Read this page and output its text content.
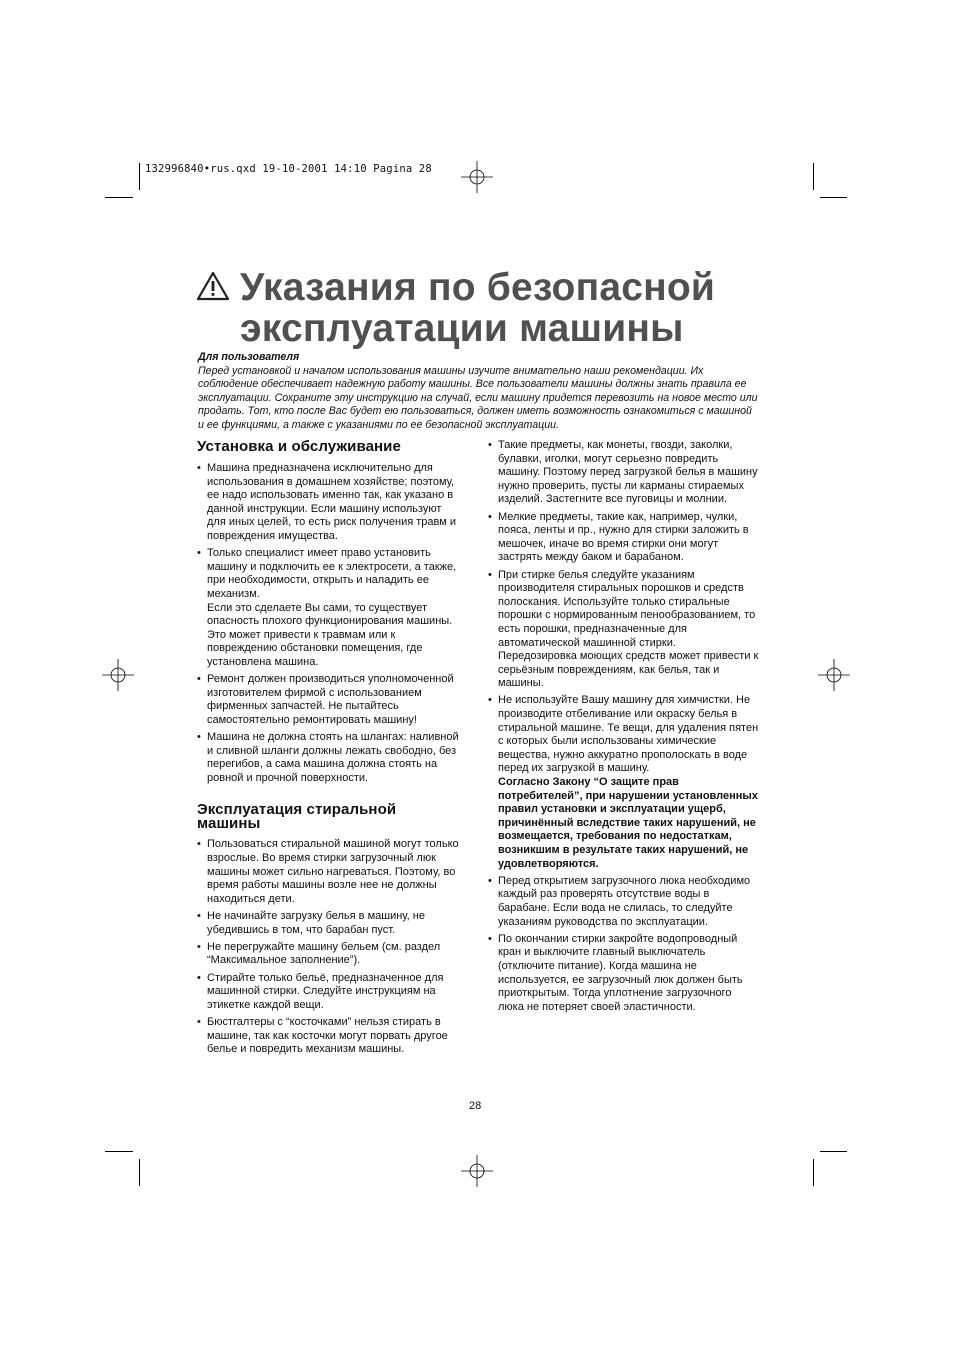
132996840•rus.qxd 19-10-2001 14:10 Pagina 28
Указания по безопасной
эксплуатации машины
Для пользователя
Перед установкой и началом использования машины изучите внимательно наши рекомендации. Их соблюдение обеспечивает надежную работу машины. Все пользователи машины должны знать правила ее эксплуатации. Сохраните эту инструкцию на случай, если машину придется перевозить на новое место или продать. Тот, кто после Вас будет ею пользоваться, должен иметь возможность ознакомиться с машиной и ее функциями, а также с указаниями по ее безопасной эксплуатации.
Установка и обслуживание
• Машина предназначена исключительно для использования в домашнем хозяйстве; поэтому, ее надо использовать именно так, как указано в данной инструкции. Если машину используют для иных целей, то есть риск получения травм и повреждения имущества.
• Только специалист имеет право установить машину и подключить ее к электросети, а также, при необходимости, открыть и наладить ее механизм.
Если это сделаете Вы сами, то существует опасность плохого функционирования машины. Это может привести к травмам или к повреждению обстановки помещения, где установлена машина.
• Ремонт должен производиться уполномоченной изготовителем фирмой с использованием фирменных запчастей. Не пытайтесь самостоятельно ремонтировать машину!
• Машина не должна стоять на шлангах: наливной и сливной шланги должны лежать свободно, без перегибов, а сама машина должна стоять на ровной и прочной поверхности.
Эксплуатация стиральной машины
• Пользоваться стиральной машиной могут только взрослые. Во время стирки загрузочный люк машины может сильно нагреваться. Поэтому, во время работы машины возле нее не должны находиться дети.
• Не начинайте загрузку белья в машину, не убедившись в том, что барабан пуст.
• Не перегружайте машину бельем (см. раздел “Максимальное заполнение”).
• Стирайте только бельё, предназначенное для машинной стирки. Следуйте инструкциям на этикетке каждой вещи.
• Бюстгалтеры с “косточками” нельзя стирать в машине, так как косточки могут порвать другое белье и повредить механизм машины.
• Такие предметы, как монеты, гвозди, заколки, булавки, иголки, могут серьезно повредить машину. Поэтому перед загрузкой белья в машину нужно проверить, пусты ли карманы стираемых изделий. Застегните все пуговицы и молнии.
• Мелкие предметы, такие как, например, чулки, пояса, ленты и пр., нужно для стирки заложить в мешочек, иначе во время стирки они могут застрять между баком и барабаном.
• При стирке белья следуйте указаниям производителя стиральных порошков и средств полоскания. Используйте только стиральные порошки с нормированным пенообразованием, то есть порошки, предназначенные для автоматической машинной стирки.
Передозировка моющих средств может привести к серьёзным повреждениям, как белья, так и машины.
• Не используйте Вашу машину для химчистки. Не производите отбеливание или окраску белья в стиральной машине. Те вещи, для удаления пятен с которых были использованы химические вещества, нужно аккуратно прополоскать в воде перед их загрузкой в машину.
Согласно Закону “О защите прав потребителей”, при нарушении установленных правил установки и эксплуатации ущерб, причинённый вследствие таких нарушений, не возмещается, требования по недостаткам, возникшим в результате таких нарушений, не удовлетворяются.
• Перед открытием загрузочного люка необходимо каждый раз проверять отсутствие воды в барабане. Если вода не слилась, то следуйте указаниям руководства по эксплуатации.
• По окончании стирки закройте водопроводный кран и выключите главный выключатель (отключите питание). Когда машина не используется, ее загрузочный люк должен быть приоткрытым. Тогда уплотнение загрузочного люка не потеряет своей эластичности.
28
